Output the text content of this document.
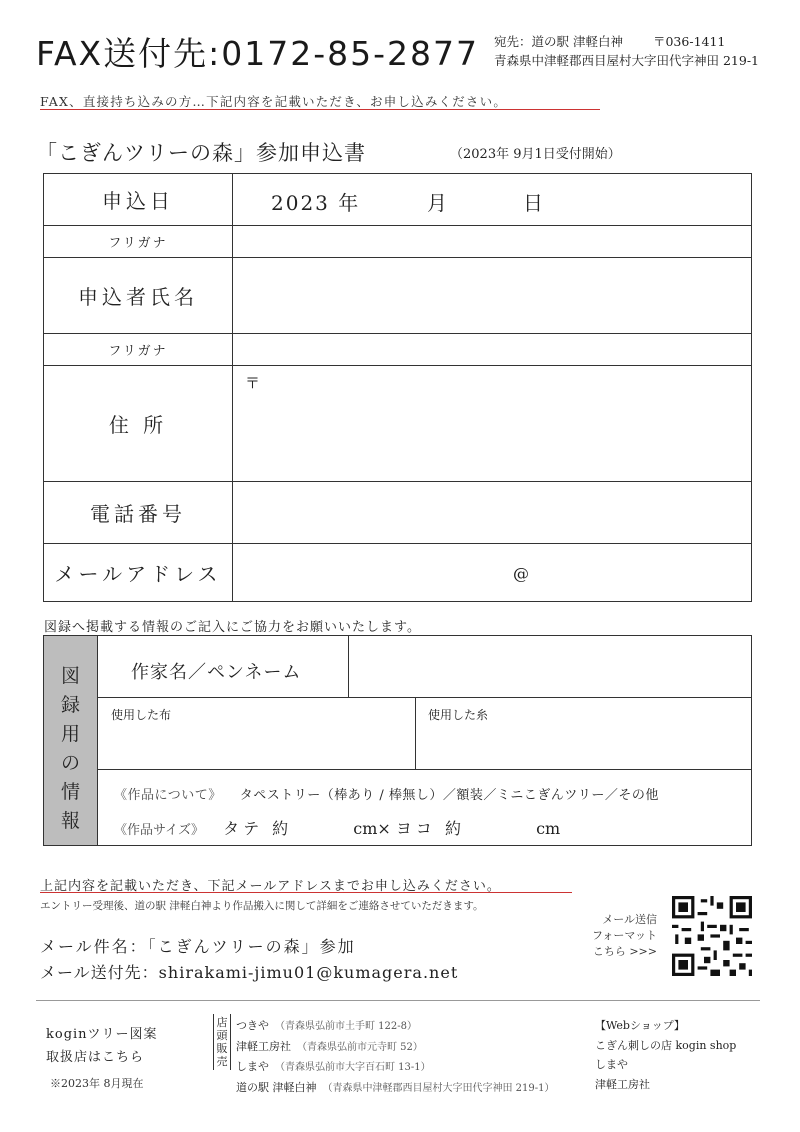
FAX送付先:0172-85-2877 宛先：道の駅 津軽白神 〒036-1411
青森県中津軽郡西目屋村大字田代字神田 219-1
FAX、直接持ち込みの方…下記内容を記載いただき、お申し込みください。
「こぎんツリーの森」参加申込書	（2023年 9月1日受付開始）
申込日	2023 年 月 日

フリガナ	
申込者氏名	
フリガナ	
住 所	〒

電話番号	
メールアドレス	@
図録へ掲載する情報のご記入にご協力をお願いいたします。
図
録
用
の
情
報
作家名／ペンネーム
使用した布	使用した糸
《作品について》 タペストリー（棒あり / 棒無し）／額装／ミニこぎんツリー／その他
《作品サイズ》 タテ 約	cm× ヨコ 約	cm
上記内容を記載いただき、下記メールアドレスまでお申し込みください。
エントリー受理後、道の駅 津軽白神より作品搬入に関して詳細をご連絡させていただきます。
メール件名：「こぎんツリーの森」参加
メール送付先：shirakami-jimu01@kumagera.net
メール送信
フォーマット
こちら >>>
koginツリー図案
取扱店はこちら
※2023年 8月現在
店
頭
販
売
つきや （青森県弘前市土手町 122-8）
津軽工房社 （青森県弘前市元寺町 52）
しまや （青森県弘前市大字百石町 13-1）
道の駅 津軽白神 （青森県中津軽郡西目屋村大字田代字神田 219-1）
【Webショップ】
こぎん刺しの店 kogin shop
しまや
津軽工房社
